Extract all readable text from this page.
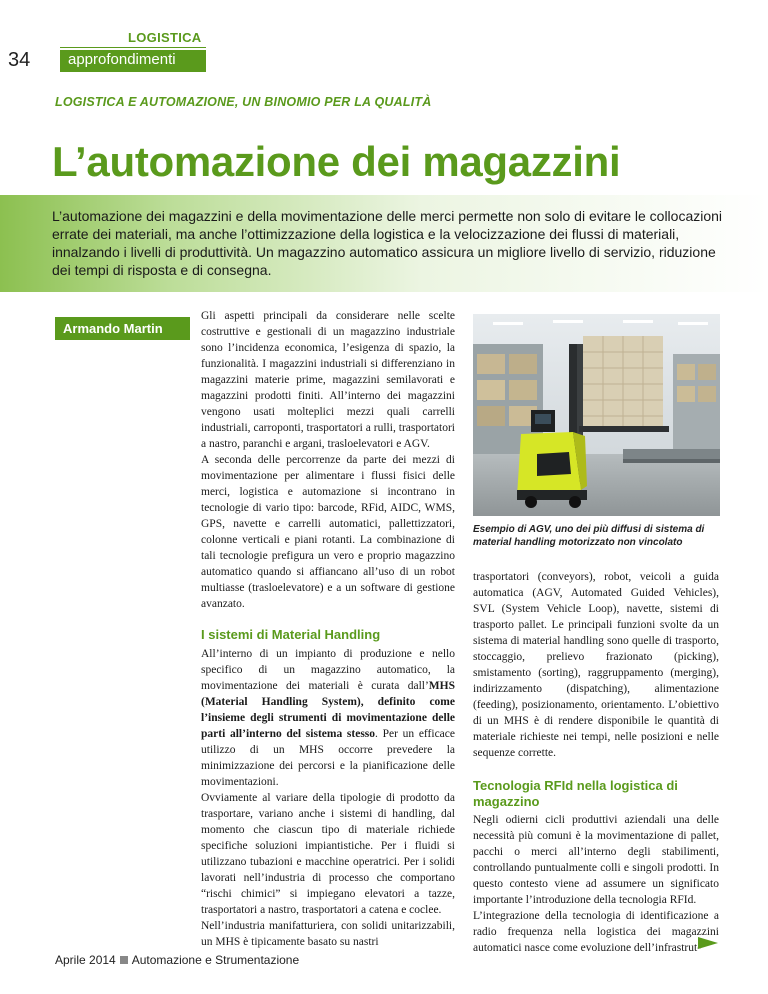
LOGISTICA
34	approfondimenti
LOGISTICA E AUTOMAZIONE, UN BINOMIO PER LA QUALITÀ
L’automazione dei magazzini

L’automazione dei magazzini e della movimentazione delle merci permette non solo di evitare le collocazioni errate dei materiali, ma anche l’ottimizzazione della logistica e la velocizzazione dei flussi di materiali, innalzando i livelli di produttività. Un magazzino automatico assicura un migliore livello di servizio, riduzione dei tempi di risposta e di consegna.

Armando Martin

Gli aspetti principali da considerare nelle scelte costruttive e gestionali di un magazzino industriale sono l’incidenza economica, l’esigenza di spazio, la funzionalità. I magazzini industriali si differenziano in magazzini materie prime, magazzini semilavorati e magazzini prodotti finiti. All’interno dei magazzini vengono usati molteplici mezzi quali carrelli industriali, carroponti, trasportatori a rulli, trasportatori a nastro, paranchi e argani, trasloelevatori e AGV.

A seconda delle percorrenze da parte dei mezzi di movimentazione per alimentare i flussi fisici delle merci, logistica e automazione si incontrano in tecnologie di vario tipo: barcode, RFid, AIDC, WMS, GPS, navette e carrelli automatici, pallettizzatori, colonne verticali e piani rotanti. La combinazione di tali tecnologie prefigura un vero e proprio magazzino automatico quando si affiancano all’uso di un robot multiasse (trasloelevatore) e a un software di gestione avanzato.

I sistemi di Material Handling

All’interno di un impianto di produzione e nello specifico di un magazzino automatico, la movimentazione dei materiali è curata dall’MHS (Material Handling System), definito come l’insieme degli strumenti di movimentazione delle parti all’interno del sistema stesso. Per un efficace utilizzo di un MHS occorre prevedere la minimizzazione dei percorsi e la pianificazione delle movimentazioni.

Ovviamente al variare della tipologie di prodotto da trasportare, variano anche i sistemi di handling, dal momento che ciascun tipo di materiale richiede specifiche soluzioni impiantistiche. Per i fluidi si utilizzano tubazioni e macchine operatrici. Per i solidi lavorati nell’industria di processo che comportano “rischi chimici” si impiegano elevatori a tazze, trasportatori a nastro, trasportatori a catena e coclee.

Nell’industria manifatturiera, con solidi unitarizzabili, un MHS è tipicamente basato su nastri

Esempio di AGV, uno dei più diffusi di sistema di material handling motorizzato non vincolato

trasportatori (conveyors), robot, veicoli a guida automatica (AGV, Automated Guided Vehicles), SVL (System Vehicle Loop), navette, sistemi di trasporto pallet. Le principali funzioni svolte da un sistema di material handling sono quelle di trasporto, stoccaggio, prelievo frazionato (picking), smistamento (sorting), raggruppamento (merging), indirizzamento (dispatching), alimentazione (feeding), posizionamento, orientamento. L’obiettivo di un MHS è di rendere disponibile le quantità di materiale richieste nei tempi, nelle posizioni e nelle sequenze corrette.

Tecnologia RFId nella logistica di magazzino

Negli odierni cicli produttivi aziendali una delle necessità più comuni è la movimentazione di pallet, pacchi o merci all’interno degli stabilimenti, controllando puntualmente colli e singoli prodotti. In questo contesto viene ad assumere un significato importante l’introduzione della tecnologia RFId.

L’integrazione della tecnologia di identificazione a radio frequenza nella logistica dei magazzini automatici nasce come evoluzione dell’infrastrut-

Aprile 2014 Automazione e Strumentazione
